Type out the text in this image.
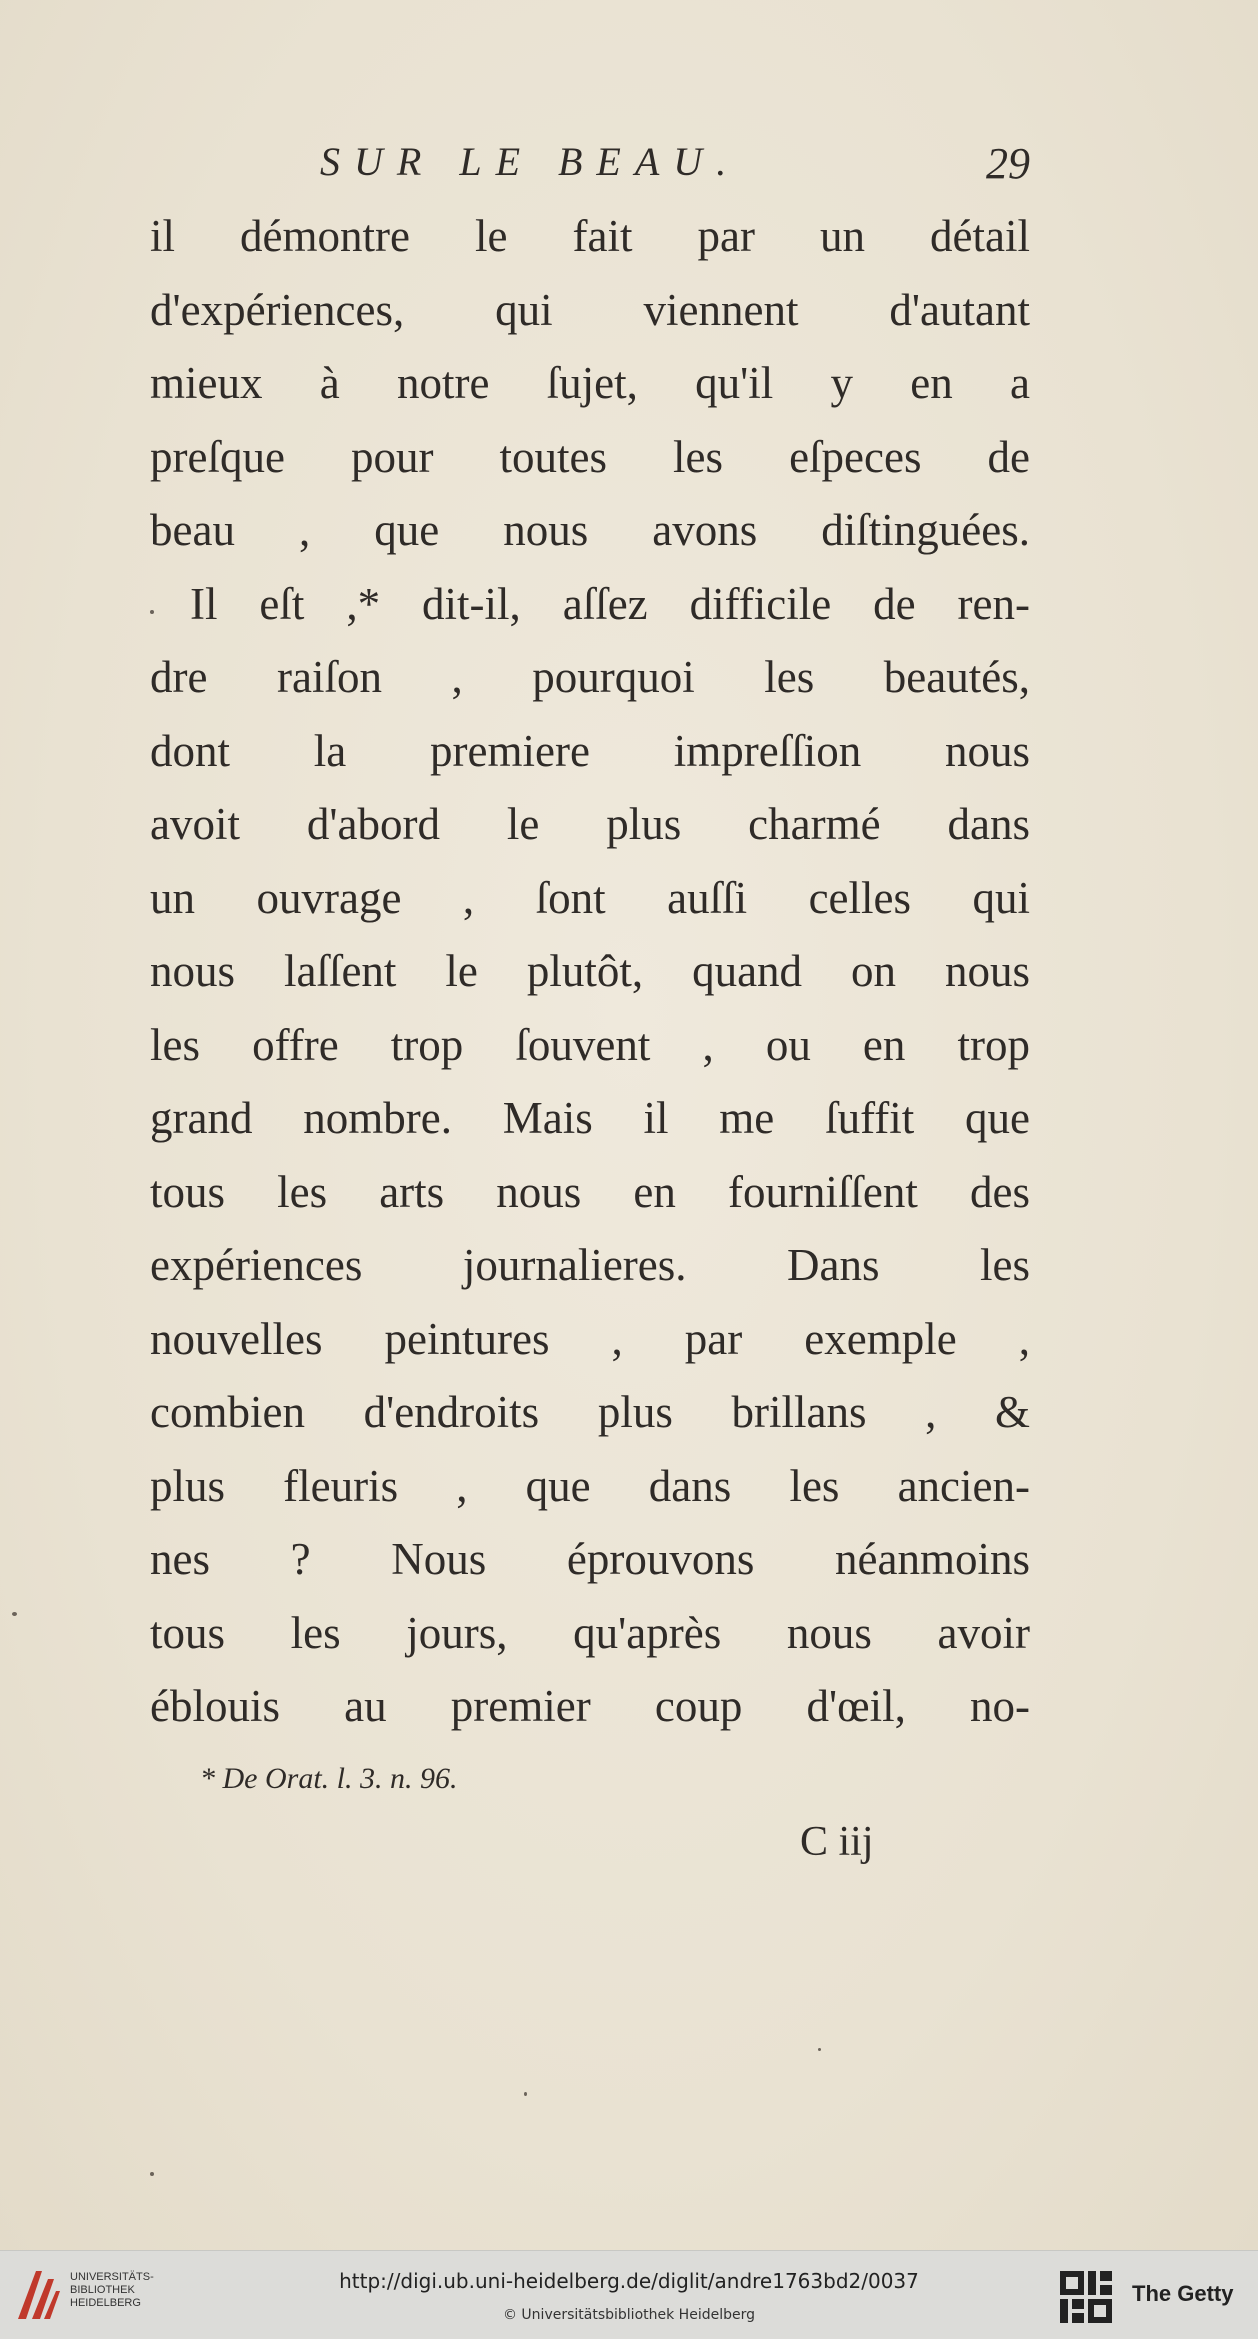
SUR LE BEAU.	29
il démontre le fait par un détail
d'expériences, qui viennent d'autant
mieux à notre ſujet, qu'il y en a
preſque pour toutes les eſpeces de
beau , que nous avons diſtinguées.
Il eſt ,* dit-il, aſſez difficile de ren-
dre raiſon , pourquoi les beautés,
dont la premiere impreſſion nous
avoit d'abord le plus charmé dans
un ouvrage , ſont auſſi celles qui
nous laſſent le plutôt, quand on nous
les offre trop ſouvent , ou en trop
grand nombre. Mais il me ſuffit que
tous les arts nous en fourniſſent des
expériences journalieres. Dans les
nouvelles peintures , par exemple ,
combien d'endroits plus brillans , &
plus fleuris , que dans les ancien-
nes ? Nous éprouvons néanmoins
tous les jours, qu'après nous avoir
éblouis au premier coup d'œil, no-
* De Orat. l. 3. n. 96.
C iij
UNIVERSITÄTS-
BIBLIOTHEK
HEIDELBERG
http://digi.ub.uni-heidelberg.de/diglit/andre1763bd2/0037
© Universitätsbibliothek Heidelberg
The Getty
